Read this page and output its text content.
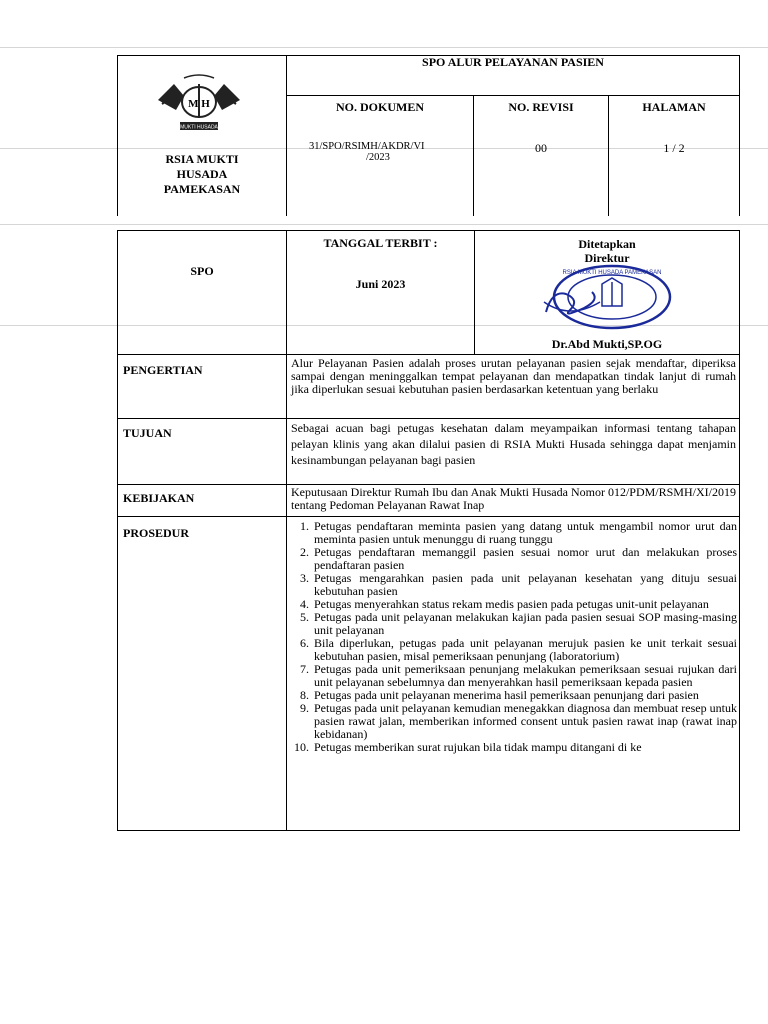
M H
MUKTI HUSADA
RSIA MUKTI
HUSADA
PAMEKASAN
SPO ALUR PELAYANAN PASIEN
NO. DOKUMEN	NO. REVISI	HALAMAN
31/SPO/RSIMH/AKDR/VI
/2023
00	1 / 2
SPO
TANGGAL TERBIT :
Juni 2023
Ditetapkan
Direktur
RSIA MUKTI HUSADA PAMEKASAN
Dr.Abd Mukti,SP.OG
PENGERTIAN	Alur Pelayanan Pasien adalah proses urutan pelayanan pasien sejak mendaftar, diperiksa sampai dengan meninggalkan tempat pelayanan dan mendapatkan tindak lanjut di rumah jika diperlukan sesuai kebutuhan pasien berdasarkan ketentuan yang berlaku
TUJUAN	Sebagai acuan bagi petugas kesehatan dalam meyampaikan informasi tentang tahapan pelayan klinis yang akan dilalui pasien di RSIA Mukti Husada sehingga dapat menjamin kesinambungan pelayanan bagi pasien
KEBIJAKAN	Keputusaan Direktur Rumah Ibu dan Anak Mukti Husada Nomor 012/PDM/RSMH/XI/2019 tentang Pedoman Pelayanan Rawat Inap
PROSEDUR
1.	Petugas pendaftaran meminta pasien yang datang untuk mengambil nomor urut dan meminta pasien untuk menunggu di ruang tunggu
2. Petugas pendaftaran memanggil pasien sesuai nomor urut dan melakukan proses pendaftaran pasien
3. Petugas mengarahkan pasien pada unit pelayanan kesehatan yang dituju sesuai kebutuhan pasien
4. Petugas menyerahkan status rekam medis pasien pada petugas unit-unit pelayanan
5. Petugas pada unit pelayanan melakukan kajian pada pasien sesuai SOP masing-masing unit pelayanan
6. Bila diperlukan, petugas pada unit pelayanan merujuk pasien ke unit terkait sesuai kebutuhan pasien, misal pemeriksaan penunjang (laboratorium)
7. Petugas pada unit pemeriksaan penunjang melakukan pemeriksaan sesuai rujukan dari unit pelayanan sebelumnya dan menyerahkan hasil pemeriksaan kepada pasien
8. Petugas pada unit pelayanan menerima hasil pemeriksaan penunjang dari pasien
9. Petugas pada unit pelayanan kemudian menegakkan diagnosa dan membuat resep untuk pasien rawat jalan, memberikan informed consent untuk pasien rawat inap (rawat inap kebidanan)
10. Petugas memberikan surat rujukan bila tidak mampu ditangani di ke
